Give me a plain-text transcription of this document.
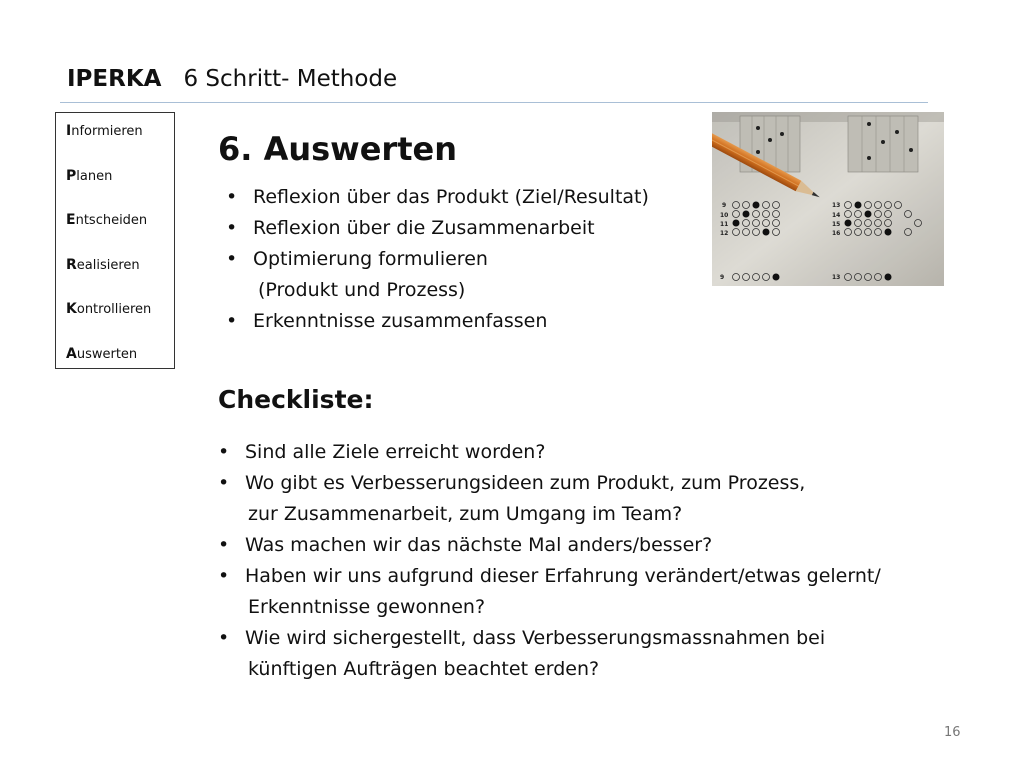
IPERKA 6 Schritt- Methode
Informieren
Planen
Entscheiden
Realisieren
Kontrollieren
Auswerten
6. Auswerten
• Reflexion über das Produkt (Ziel/Resultat)
• Reflexion über die Zusammenarbeit
• Optimierung formulieren
(Produkt und Prozess)
• Erkenntnisse zusammenfassen
9
10
11
12
13
14
15
16
9	13
Checkliste:
• Sind alle Ziele erreicht worden?
• Wo gibt es Verbesserungsideen zum Produkt, zum Prozess,
zur Zusammenarbeit, zum Umgang im Team?
• Was machen wir das nächste Mal anders/besser?
• Haben wir uns aufgrund dieser Erfahrung verändert/etwas gelernt/
Erkenntnisse gewonnen?
• Wie wird sichergestellt, dass Verbesserungsmassnahmen bei
künftigen Aufträgen beachtet erden?
16
